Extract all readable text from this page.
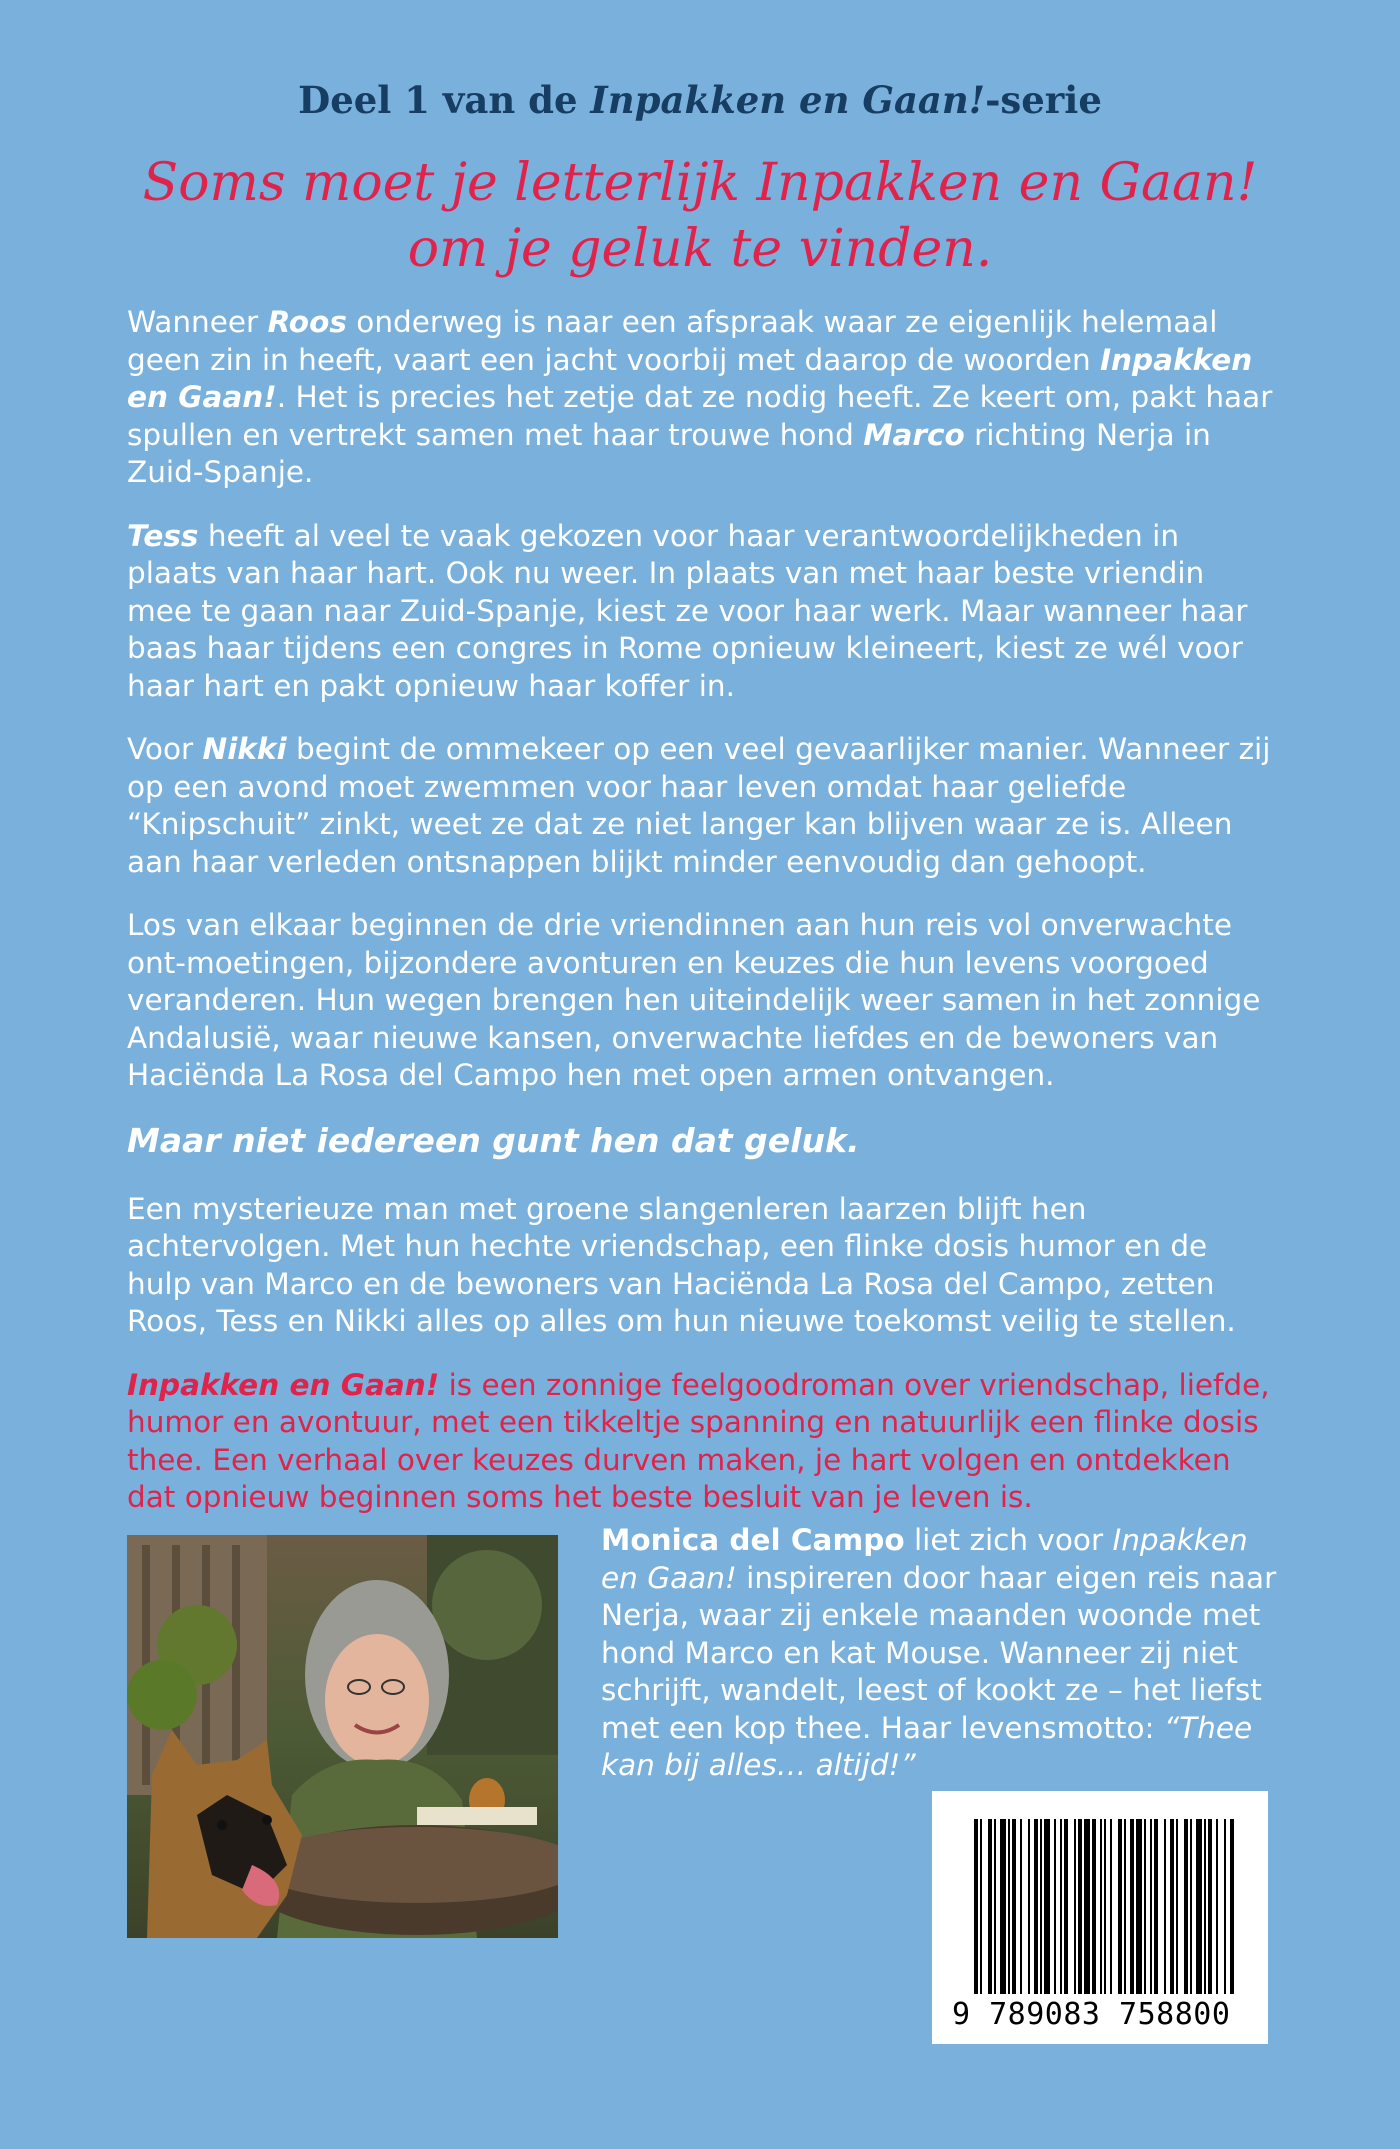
Deel 1 van de Inpakken en Gaan!-serie
Soms moet je letterlijk Inpakken en Gaan!
om je geluk te vinden.

Wanneer Roos onderweg is naar een afspraak waar ze eigenlijk helemaal geen zin in heeft, vaart een jacht voorbij met daarop de woorden Inpakken en Gaan!. Het is precies het zetje dat ze nodig heeft. Ze keert om, pakt haar spullen en vertrekt samen met haar trouwe hond Marco richting Nerja in Zuid-Spanje.

Tess heeft al veel te vaak gekozen voor haar verantwoordelijkheden in plaats van haar hart. Ook nu weer. In plaats van met haar beste vriendin mee te gaan naar Zuid-Spanje, kiest ze voor haar werk. Maar wanneer haar baas haar tijdens een congres in Rome opnieuw kleineert, kiest ze wél voor haar hart en pakt opnieuw haar koffer in.

Voor Nikki begint de ommekeer op een veel gevaarlijker manier. Wanneer zij op een avond moet zwemmen voor haar leven omdat haar geliefde “Knipschuit” zinkt, weet ze dat ze niet langer kan blijven waar ze is. Alleen aan haar verleden ontsnappen blijkt minder eenvoudig dan gehoopt.

Los van elkaar beginnen de drie vriendinnen aan hun reis vol onverwachte ont-moetingen, bijzondere avonturen en keuzes die hun levens voorgoed veranderen. Hun wegen brengen hen uiteindelijk weer samen in het zonnige Andalusië, waar nieuwe kansen, onverwachte liefdes en de bewoners van Haciënda La Rosa del Campo hen met open armen ontvangen.

Maar niet iedereen gunt hen dat geluk.

Een mysterieuze man met groene slangenleren laarzen blijft hen achtervolgen. Met hun hechte vriendschap, een flinke dosis humor en de hulp van Marco en de bewoners van Haciënda La Rosa del Campo, zetten Roos, Tess en Nikki alles op alles om hun nieuwe toekomst veilig te stellen.

Inpakken en Gaan! is een zonnige feelgoodroman over vriendschap, liefde, humor en avontuur, met een tikkeltje spanning en natuurlijk een flinke dosis thee. Een verhaal over keuzes durven maken, je hart volgen en ontdekken dat opnieuw beginnen soms het beste besluit van je leven is.

Monica del Campo liet zich voor Inpakken en Gaan! inspireren door haar eigen reis naar Nerja, waar zij enkele maanden woonde met hond Marco en kat Mouse. Wanneer zij niet schrijft, wandelt, leest of kookt ze – het liefst met een kop thee. Haar levensmotto: “Thee kan bij alles… altijd!”
9 789083 758800
